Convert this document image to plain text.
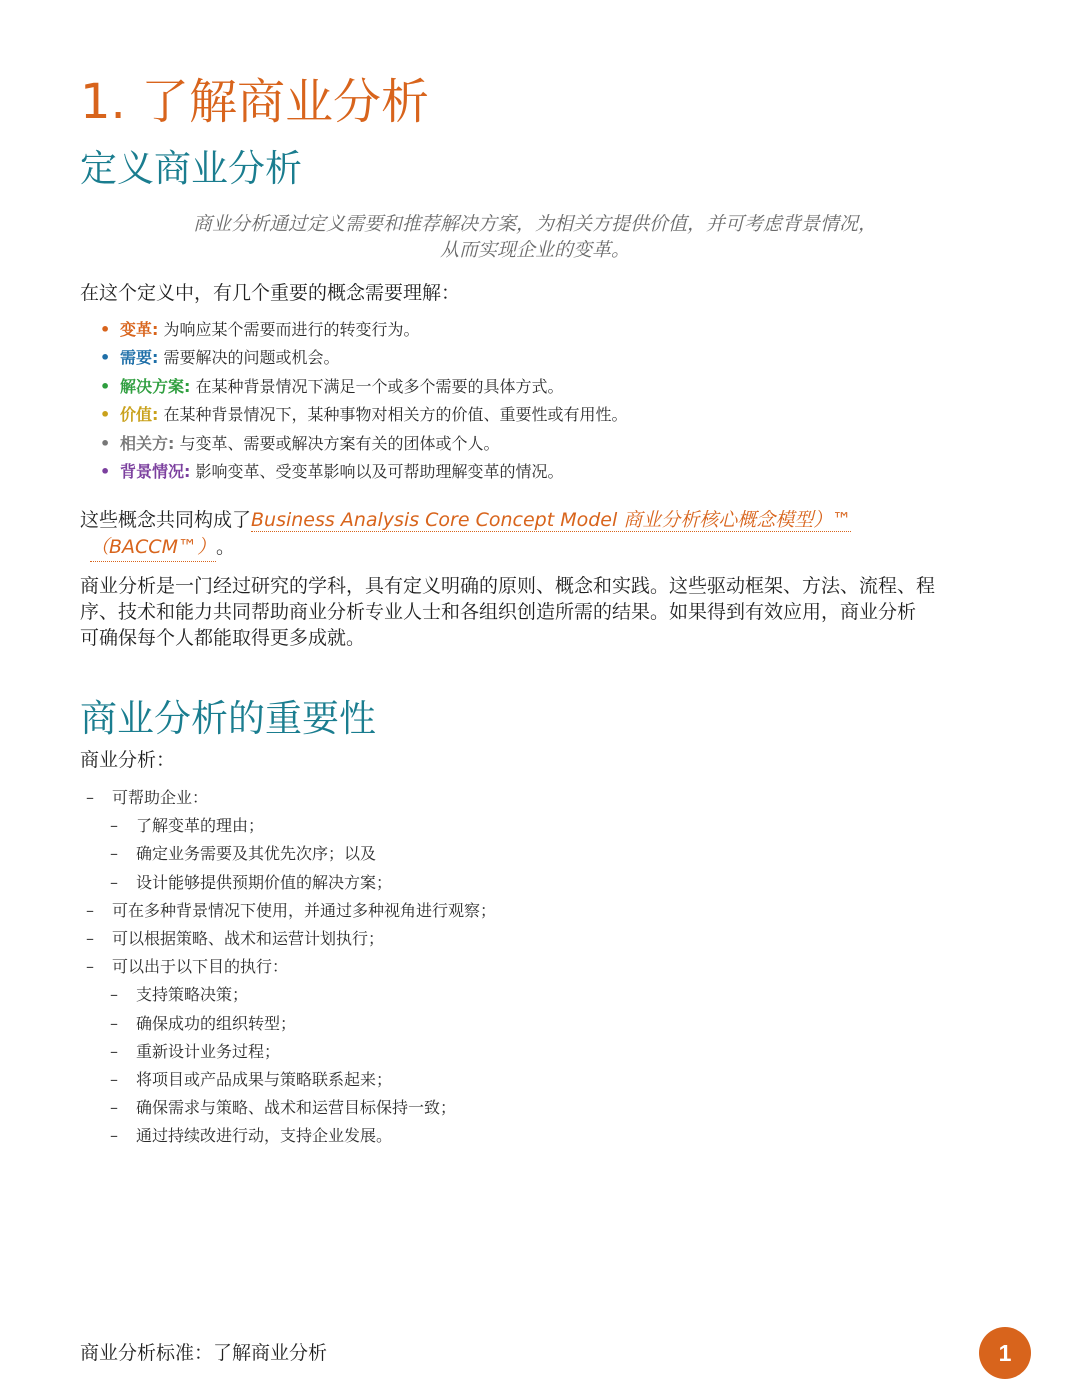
1. 了解商业分析
定义商业分析

商业分析通过定义需要和推荐解决方案，为相关方提供价值，并可考虑背景情况，
从而实现企业的变革。

在这个定义中，有几个重要的概念需要理解：

• 变革: 为响应某个需要而进行的转变行为。
• 需要: 需要解决的问题或机会。
• 解决方案: 在某种背景情况下满足一个或多个需要的具体方式。
• 价值: 在某种背景情况下，某种事物对相关方的价值、重要性或有用性。
• 相关方: 与变革、需要或解决方案有关的团体或个人。
• 背景情况: 影响变革、受变革影响以及可帮助理解变革的情况。

这些概念共同构成了Business Analysis Core Concept Model 商业分析核心概念模型）™
（BACCM™）。

商业分析是一门经过研究的学科，具有定义明确的原则、概念和实践。这些驱动框架、方法、流程、程
序、技术和能力共同帮助商业分析专业人士和各组织创造所需的结果。如果得到有效应用，商业分析
可确保每个人都能取得更多成就。

商业分析的重要性

商业分析：

– 可帮助企业：
– 了解变革的理由；
– 确定业务需要及其优先次序；以及
– 设计能够提供预期价值的解决方案；
– 可在多种背景情况下使用，并通过多种视角进行观察；
– 可以根据策略、战术和运营计划执行；
– 可以出于以下目的执行：
– 支持策略决策；
– 确保成功的组织转型；
– 重新设计业务过程；
– 将项目或产品成果与策略联系起来；
– 确保需求与策略、战术和运营目标保持一致；
– 通过持续改进行动，支持企业发展。

商业分析标准：了解商业分析	1
